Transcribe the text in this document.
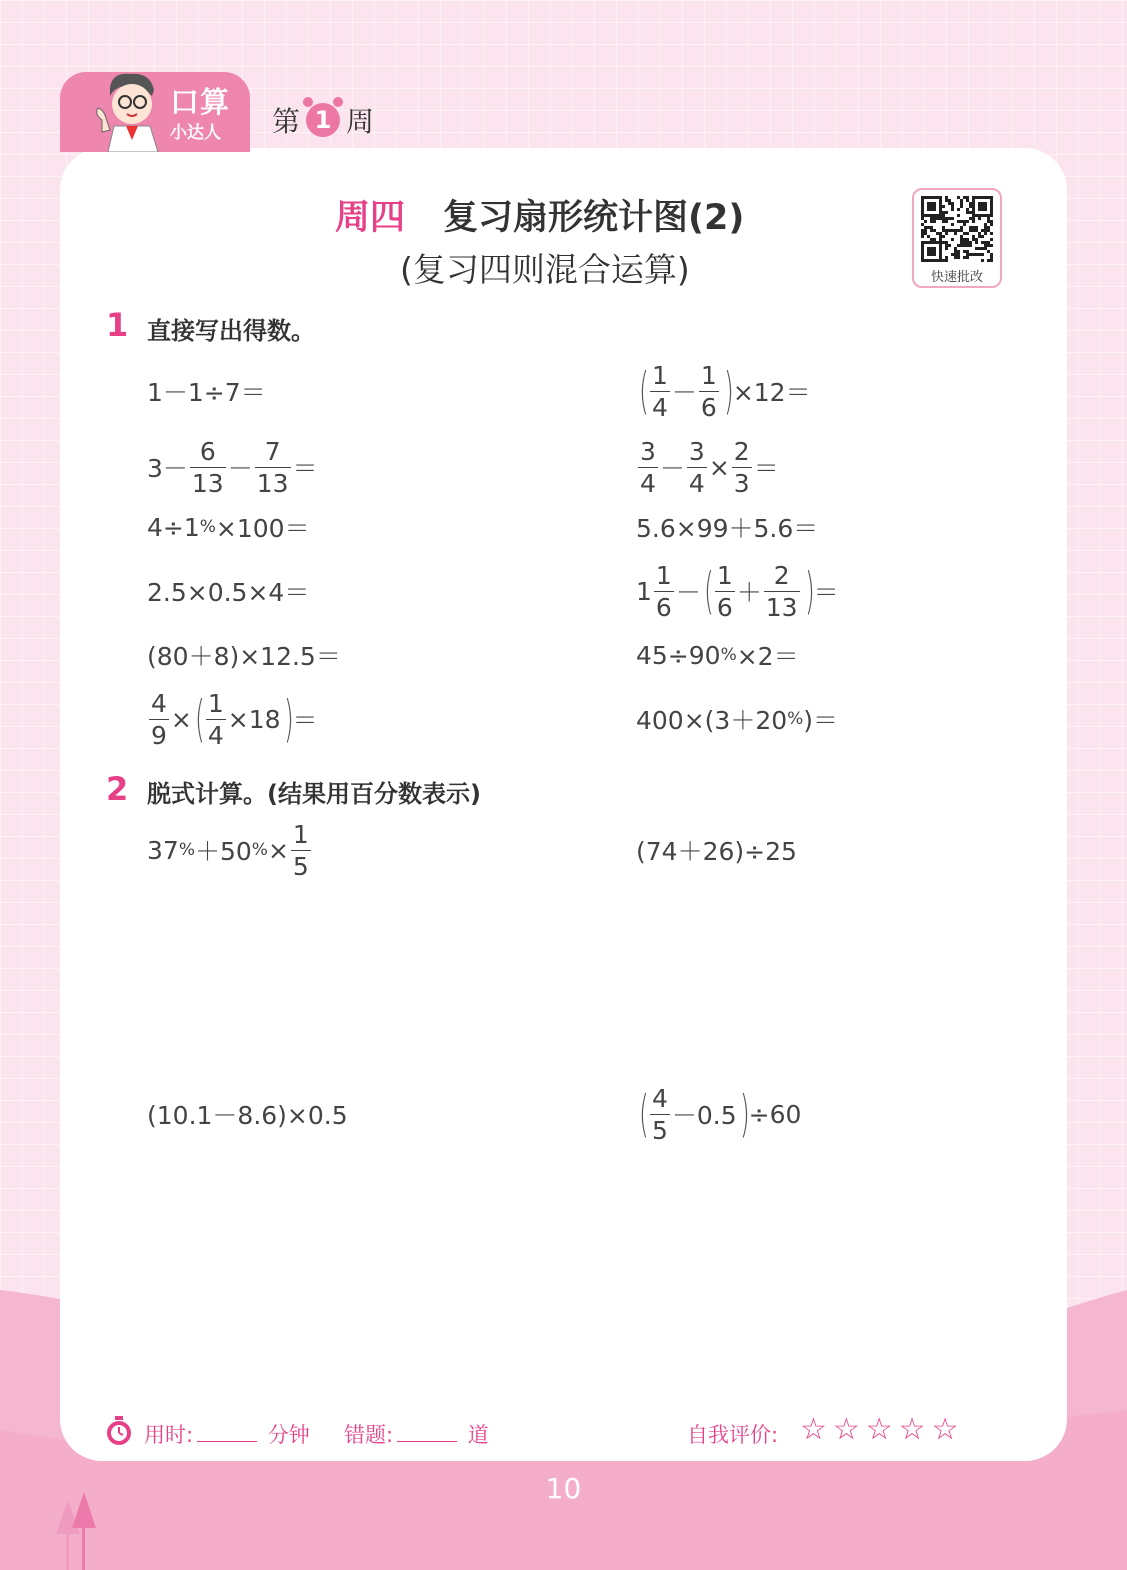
口算
小达人 第 1 周
周四 复习扇形统计图(2)
(复习四则混合运算)	快速批改
1 直接写出得数。
1－1÷7＝	( $\frac{1}{4} - \frac{1}{6}$ ) ×12＝
$3- \frac{6}{13} - \frac{7}{13}$ ＝	$\frac{3}{4} - \frac{3}{4} \times \frac{2}{3}$ ＝
4÷1 % ×100＝	5.6×99＋5.6＝
2.5×0.5×4＝	$1 \frac{1}{6}$ － ( $\frac{1}{6} + \frac{2}{13}$ ) ＝
(80＋8)×12.5＝	45÷90 % ×2＝
$\frac{4}{9}$ × ( $\frac{1}{4} \times 18$ ) ＝	400×(3＋20 % )＝
2 脱式计算。(结果用百分数表示)
37 % ＋50 % × $\frac{1}{5}$	(74＋26)÷25
(10.1－8.6)×0.5	( $\frac{4}{5} -0.5$ ) ÷60
用时:	分钟 错题:	道	自我评价: ☆☆☆☆☆
10
